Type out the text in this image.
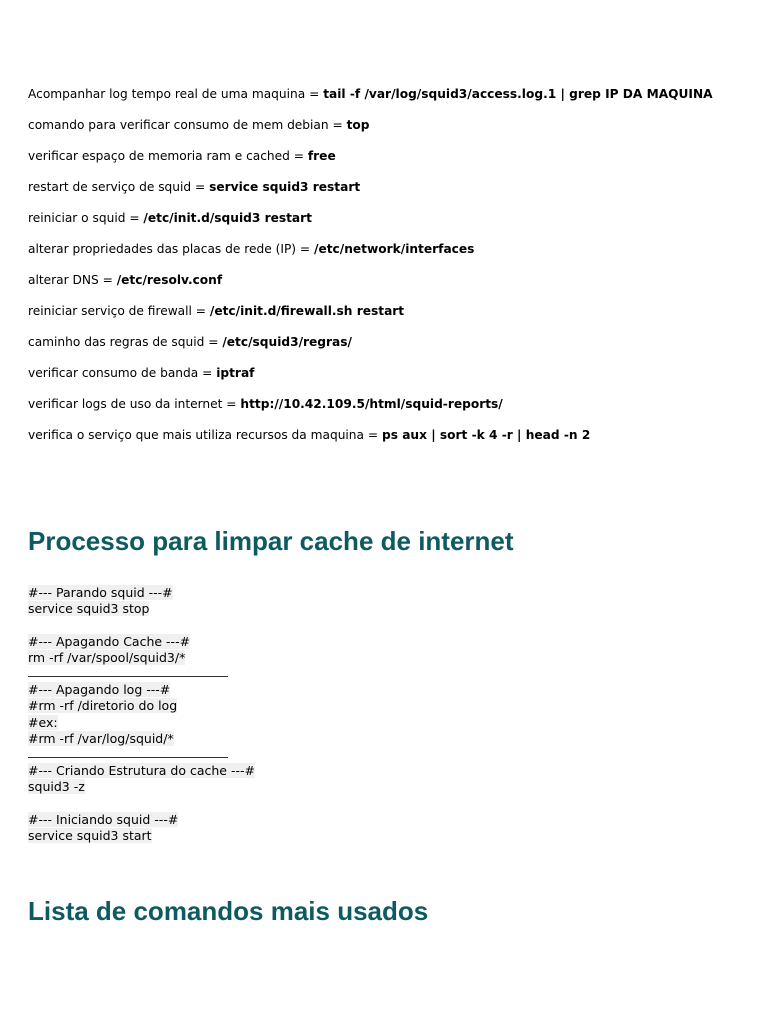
Acompanhar log tempo real de uma maquina = tail -f /var/log/squid3/access.log.1 | grep IP DA MAQUINA
comando para verificar consumo de mem debian = top
verificar espaço de memoria ram e cached = free
restart de serviço de squid = service squid3 restart
reiniciar o squid = /etc/init.d/squid3 restart
alterar propriedades das placas de rede (IP) = /etc/network/interfaces
alterar DNS = /etc/resolv.conf
reiniciar serviço de firewall = /etc/init.d/firewall.sh restart
caminho das regras de squid = /etc/squid3/regras/
verificar consumo de banda = iptraf
verificar logs de uso da internet = http://10.42.109.5/html/squid-reports/
verifica o serviço que mais utiliza recursos da maquina = ps aux | sort -k 4 -r | head -n 2
Processo para limpar cache de internet
#--- Parando squid ---#
service squid3 stop
#--- Apagando Cache ---#
rm -rf /var/spool/squid3/*
#--- Apagando log ---#
#rm -rf /diretorio do log
#ex:
#rm -rf /var/log/squid/*
#--- Criando Estrutura do cache ---#
squid3 -z
#--- Iniciando squid ---#
service squid3 start
Lista de comandos mais usados
